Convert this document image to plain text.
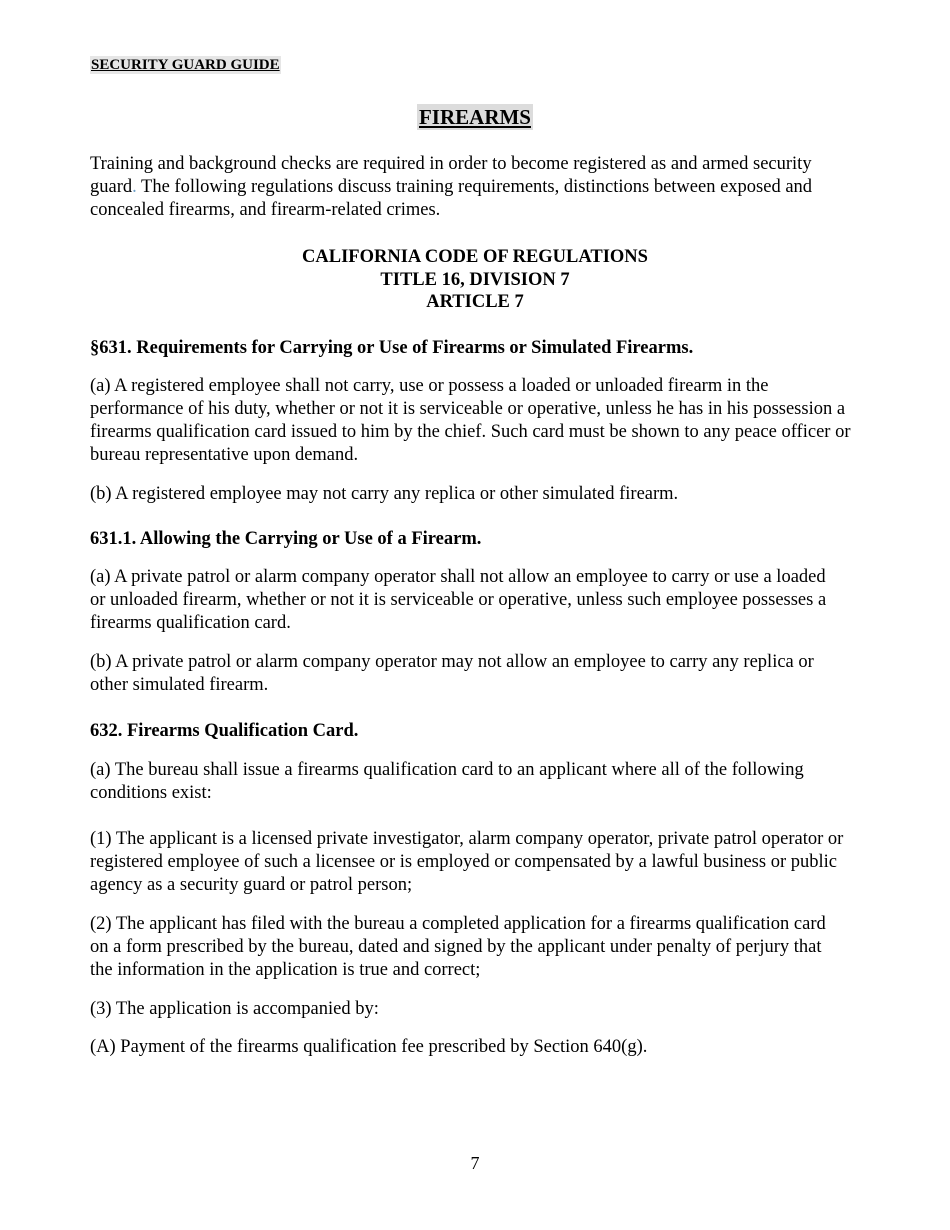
SECURITY GUARD GUIDE
FIREARMS

Training and background checks are required in order to become registered as and armed security guard. The following regulations discuss training requirements, distinctions between exposed and concealed firearms, and firearm-related crimes.

CALIFORNIA CODE OF REGULATIONS
TITLE 16, DIVISION 7
ARTICLE 7

§631. Requirements for Carrying or Use of Firearms or Simulated Firearms.

(a) A registered employee shall not carry, use or possess a loaded or unloaded firearm in the performance of his duty, whether or not it is serviceable or operative, unless he has in his possession a firearms qualification card issued to him by the chief. Such card must be shown to any peace officer or bureau representative upon demand.

(b) A registered employee may not carry any replica or other simulated firearm.

631.1. Allowing the Carrying or Use of a Firearm.

(a) A private patrol or alarm company operator shall not allow an employee to carry or use a loaded or unloaded firearm, whether or not it is serviceable or operative, unless such employee possesses a firearms qualification card.

(b) A private patrol or alarm company operator may not allow an employee to carry any replica or other simulated firearm.

632. Firearms Qualification Card.

(a) The bureau shall issue a firearms qualification card to an applicant where all of the following conditions exist:

(1) The applicant is a licensed private investigator, alarm company operator, private patrol operator or registered employee of such a licensee or is employed or compensated by a lawful business or public agency as a security guard or patrol person;

(2) The applicant has filed with the bureau a completed application for a firearms qualification card on a form prescribed by the bureau, dated and signed by the applicant under penalty of perjury that the information in the application is true and correct;

(3) The application is accompanied by:

(A) Payment of the firearms qualification fee prescribed by Section 640(g).

7
